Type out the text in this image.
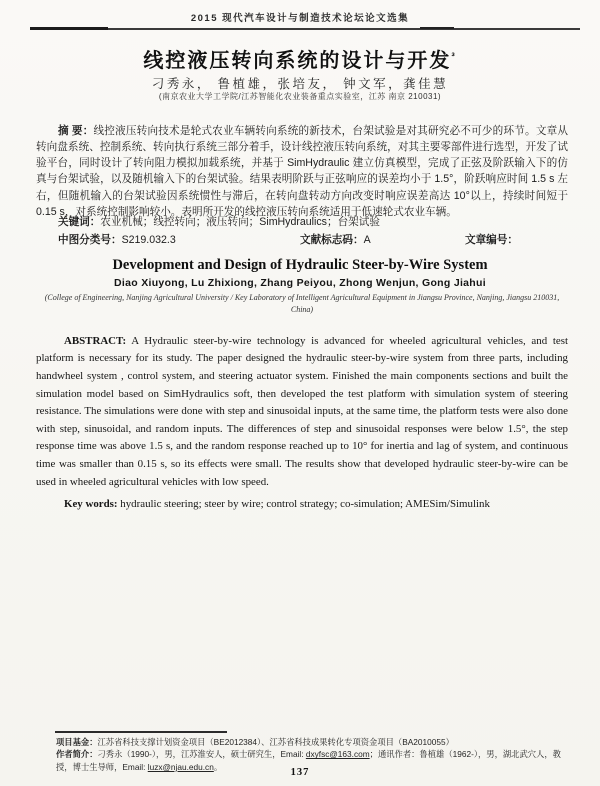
2015 现代汽车设计与制造技术论坛论文选集
线控液压转向系统的设计与开发$^{^3}$
刁秀永， 鲁植雄，张培友， 钟文军，龚佳慧
(南京农业大学工学院/江苏智能化农业装备重点实验室，江苏 南京 210031)

摘 要：线控液压转向技术是轮式农业车辆转向系统的新技术，台架试验是对其研究必不可少的环节。文章从转向盘系统、控制系统、转向执行系统三部分着手，设计线控液压转向系统，对其主要零部件进行选型，开发了试验平台，同时设计了转向阻力模拟加载系统，并基于 SimHydraulic 建立仿真模型，完成了正弦及阶跃输入下的仿真与台架试验，以及随机输入下的台架试验。结果表明阶跃与正弦响应的误差均小于 1.5°，阶跃响应时间 1.5 s 左右，但随机输入的台架试验因系统惯性与滞后，在转向盘转动方向改变时响应误差高达 10°以上，持续时间短于 0.15 s，对系统控制影响较小。表明所开发的线控液压转向系统适用于低速轮式农业车辆。

关键词：农业机械；线控转向；液压转向；SimHydraulics；台架试验
中图分类号：S219.032.3	文献标志码：A	文章编号：
Development and Design of Hydraulic Steer-by-Wire System
Diao Xiuyong, Lu Zhixiong, Zhang Peiyou, Zhong Wenjun, Gong Jiahui
(College of Engineering, Nanjing Agricultural University / Key Laboratory of Intelligent Agricultural Equipment in Jiangsu Province, Nanjing, Jiangsu 210031, China)

ABSTRACT: A Hydraulic steer-by-wire technology is advanced for wheeled agricultural vehicles, and test platform is necessary for its study. The paper designed the hydraulic steer-by-wire system from three parts, including handwheel system , control system, and steering actuator system. Finished the main components sections and built the simulation model based on SimHydraulics soft, then developed the test platform with simulation system of steering resistance. The simulations were done with step and sinusoidal inputs, at the same time, the platform tests were also done with step, sinusoidal, and random inputs. The differences of step and sinusoidal responses were below 1.5°, the step response time was above 1.5 s, and the random response reached up to 10° for inertia and lag of system, and continuous time was smaller than 0.15 s, so its effects were small. The results show that developed hydraulic steer-by-wire can be used in wheeled agricultural vehicles with low speed.

Key words: hydraulic steering; steer by wire; control strategy; co-simulation; AMESim/Simulink
项目基金：江苏省科技支撑计划资金项目（BE2012384）、江苏省科技成果转化专项资金项目（BA2010055）
作者简介：刁秀永（1990-），男，江苏淮安人，硕士研究生，Email: dxyfsc@163.com；通讯作者：鲁植雄（1962-），男，湖北武穴人，教授，博士生导师，Email: luzx@njau.edu.cn。
137
